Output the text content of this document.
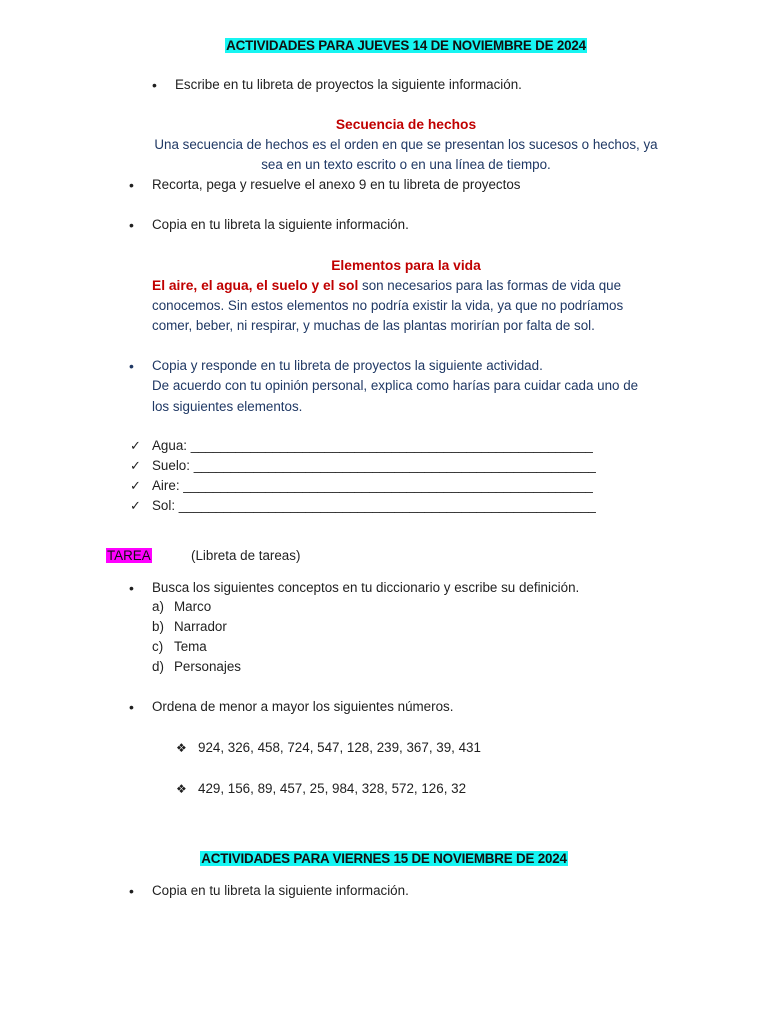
ACTIVIDADES PARA JUEVES 14 DE NOVIEMBRE DE 2024
• Escribe en tu libreta de proyectos la siguiente información.
Secuencia de hechos
Una secuencia de hechos es el orden en que se presentan los sucesos o hechos, ya
sea en un texto escrito o en una línea de tiempo.
• Recorta, pega y resuelve el anexo 9 en tu libreta de proyectos
• Copia en tu libreta la siguiente información.
Elementos para la vida
El aire, el agua, el suelo y el sol son necesarios para las formas de vida que
conocemos. Sin estos elementos no podría existir la vida, ya que no podríamos
comer, beber, ni respirar, y muchas de las plantas morirían por falta de sol.
• Copia y responde en tu libreta de proyectos la siguiente actividad.
De acuerdo con tu opinión personal, explica como harías para cuidar cada uno de
los siguientes elementos.
✓ Agua: ______________________________________________________
✓ Suelo: ______________________________________________________
✓ Aire: _______________________________________________________
✓ Sol: ________________________________________________________
TAREA	(Libreta de tareas)
• Busca los siguientes conceptos en tu diccionario y escribe su definición.
a) Marco
b) Narrador
c) Tema
d) Personajes
• Ordena de menor a mayor los siguientes números.
❖ 924, 326, 458, 724, 547, 128, 239, 367, 39, 431
❖ 429, 156, 89, 457, 25, 984, 328, 572, 126, 32
ACTIVIDADES PARA VIERNES 15 DE NOVIEMBRE DE 2024
• Copia en tu libreta la siguiente información.
